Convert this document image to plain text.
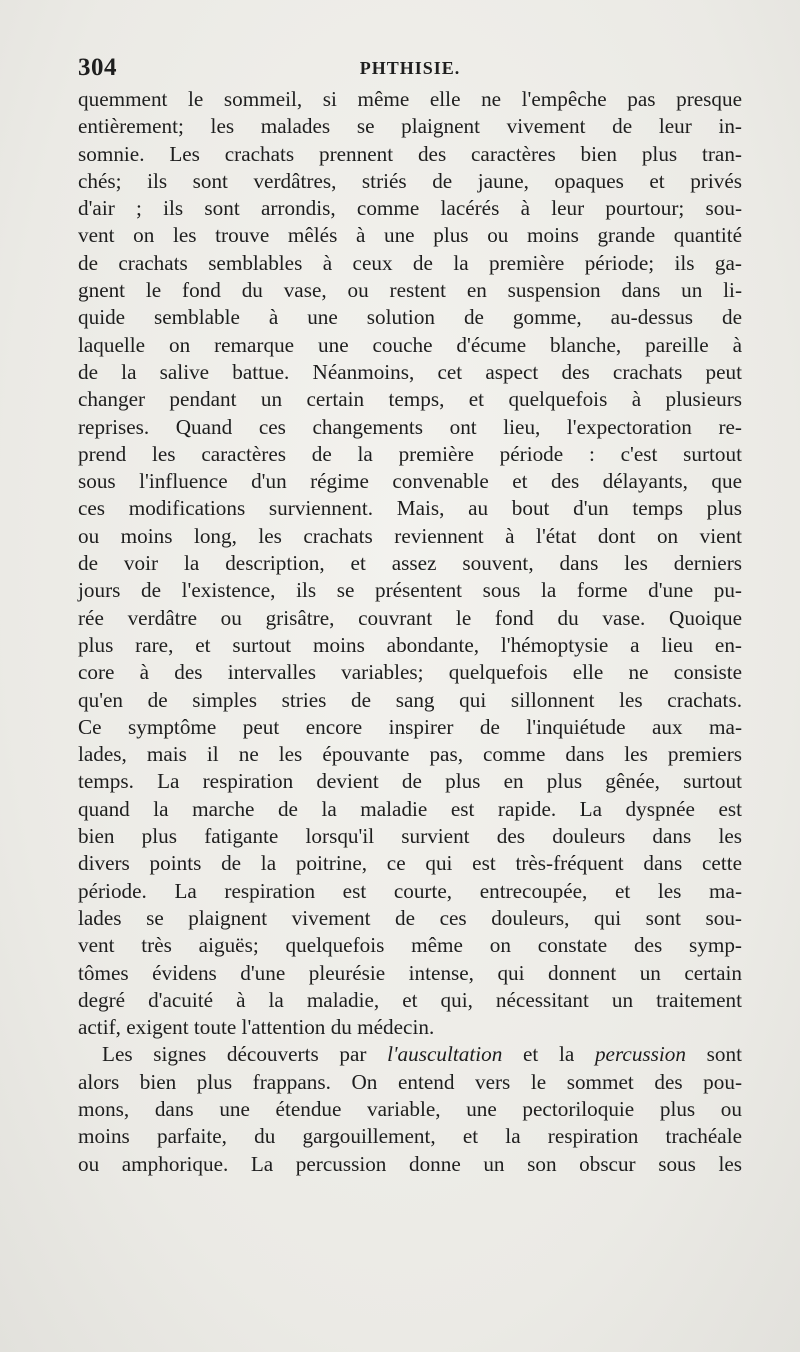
304	PHTHISIE.
quemment le sommeil, si même elle ne l'empêche pas presque
entièrement; les malades se plaignent vivement de leur in-
somnie. Les crachats prennent des caractères bien plus tran-
chés; ils sont verdâtres, striés de jaune, opaques et privés
d'air ; ils sont arrondis, comme lacérés à leur pourtour; sou-
vent on les trouve mêlés à une plus ou moins grande quantité
de crachats semblables à ceux de la première période; ils ga-
gnent le fond du vase, ou restent en suspension dans un li-
quide semblable à une solution de gomme, au-dessus de
laquelle on remarque une couche d'écume blanche, pareille à
de la salive battue. Néanmoins, cet aspect des crachats peut
changer pendant un certain temps, et quelquefois à plusieurs
reprises. Quand ces changements ont lieu, l'expectoration re-
prend les caractères de la première période : c'est surtout
sous l'influence d'un régime convenable et des délayants, que
ces modifications surviennent. Mais, au bout d'un temps plus
ou moins long, les crachats reviennent à l'état dont on vient
de voir la description, et assez souvent, dans les derniers
jours de l'existence, ils se présentent sous la forme d'une pu-
rée verdâtre ou grisâtre, couvrant le fond du vase. Quoique
plus rare, et surtout moins abondante, l'hémoptysie a lieu en-
core à des intervalles variables; quelquefois elle ne consiste
qu'en de simples stries de sang qui sillonnent les crachats.
Ce symptôme peut encore inspirer de l'inquiétude aux ma-
lades, mais il ne les épouvante pas, comme dans les premiers
temps. La respiration devient de plus en plus gênée, surtout
quand la marche de la maladie est rapide. La dyspnée est
bien plus fatigante lorsqu'il survient des douleurs dans les
divers points de la poitrine, ce qui est très-fréquent dans cette
période. La respiration est courte, entrecoupée, et les ma-
lades se plaignent vivement de ces douleurs, qui sont sou-
vent très aiguës; quelquefois même on constate des symp-
tômes évidens d'une pleurésie intense, qui donnent un certain
degré d'acuité à la maladie, et qui, nécessitant un traitement
actif, exigent toute l'attention du médecin.
Les signes découverts par l'auscultation et la percussion sont
alors bien plus frappans. On entend vers le sommet des pou-
mons, dans une étendue variable, une pectoriloquie plus ou
moins parfaite, du gargouillement, et la respiration trachéale
ou amphorique. La percussion donne un son obscur sous les
